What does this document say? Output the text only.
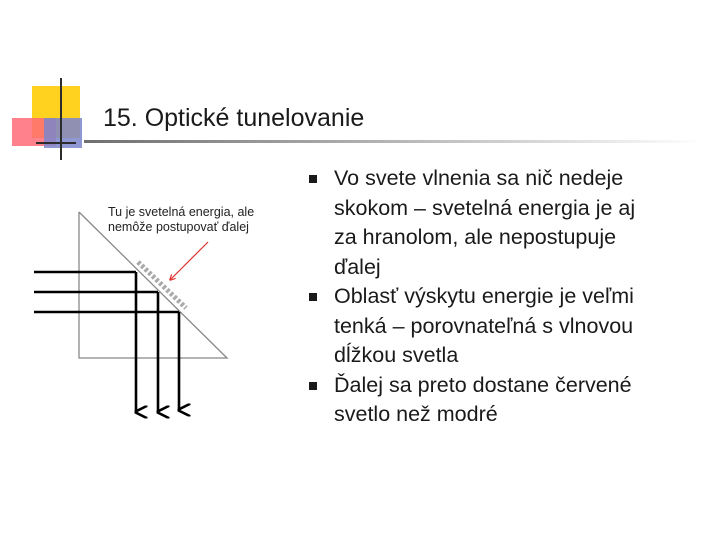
15. Optické tunelovanie
Tu je svetelná energia, ale
nemôže postupovať ďalej
Vo svete vlnenia sa nič nedeje
skokom – svetelná energia je aj
za hranolom, ale nepostupuje
ďalej
Oblasť výskytu energie je veľmi
tenká – porovnateľná s vlnovou
dĺžkou svetla
Ďalej sa preto dostane červené
svetlo než modré
